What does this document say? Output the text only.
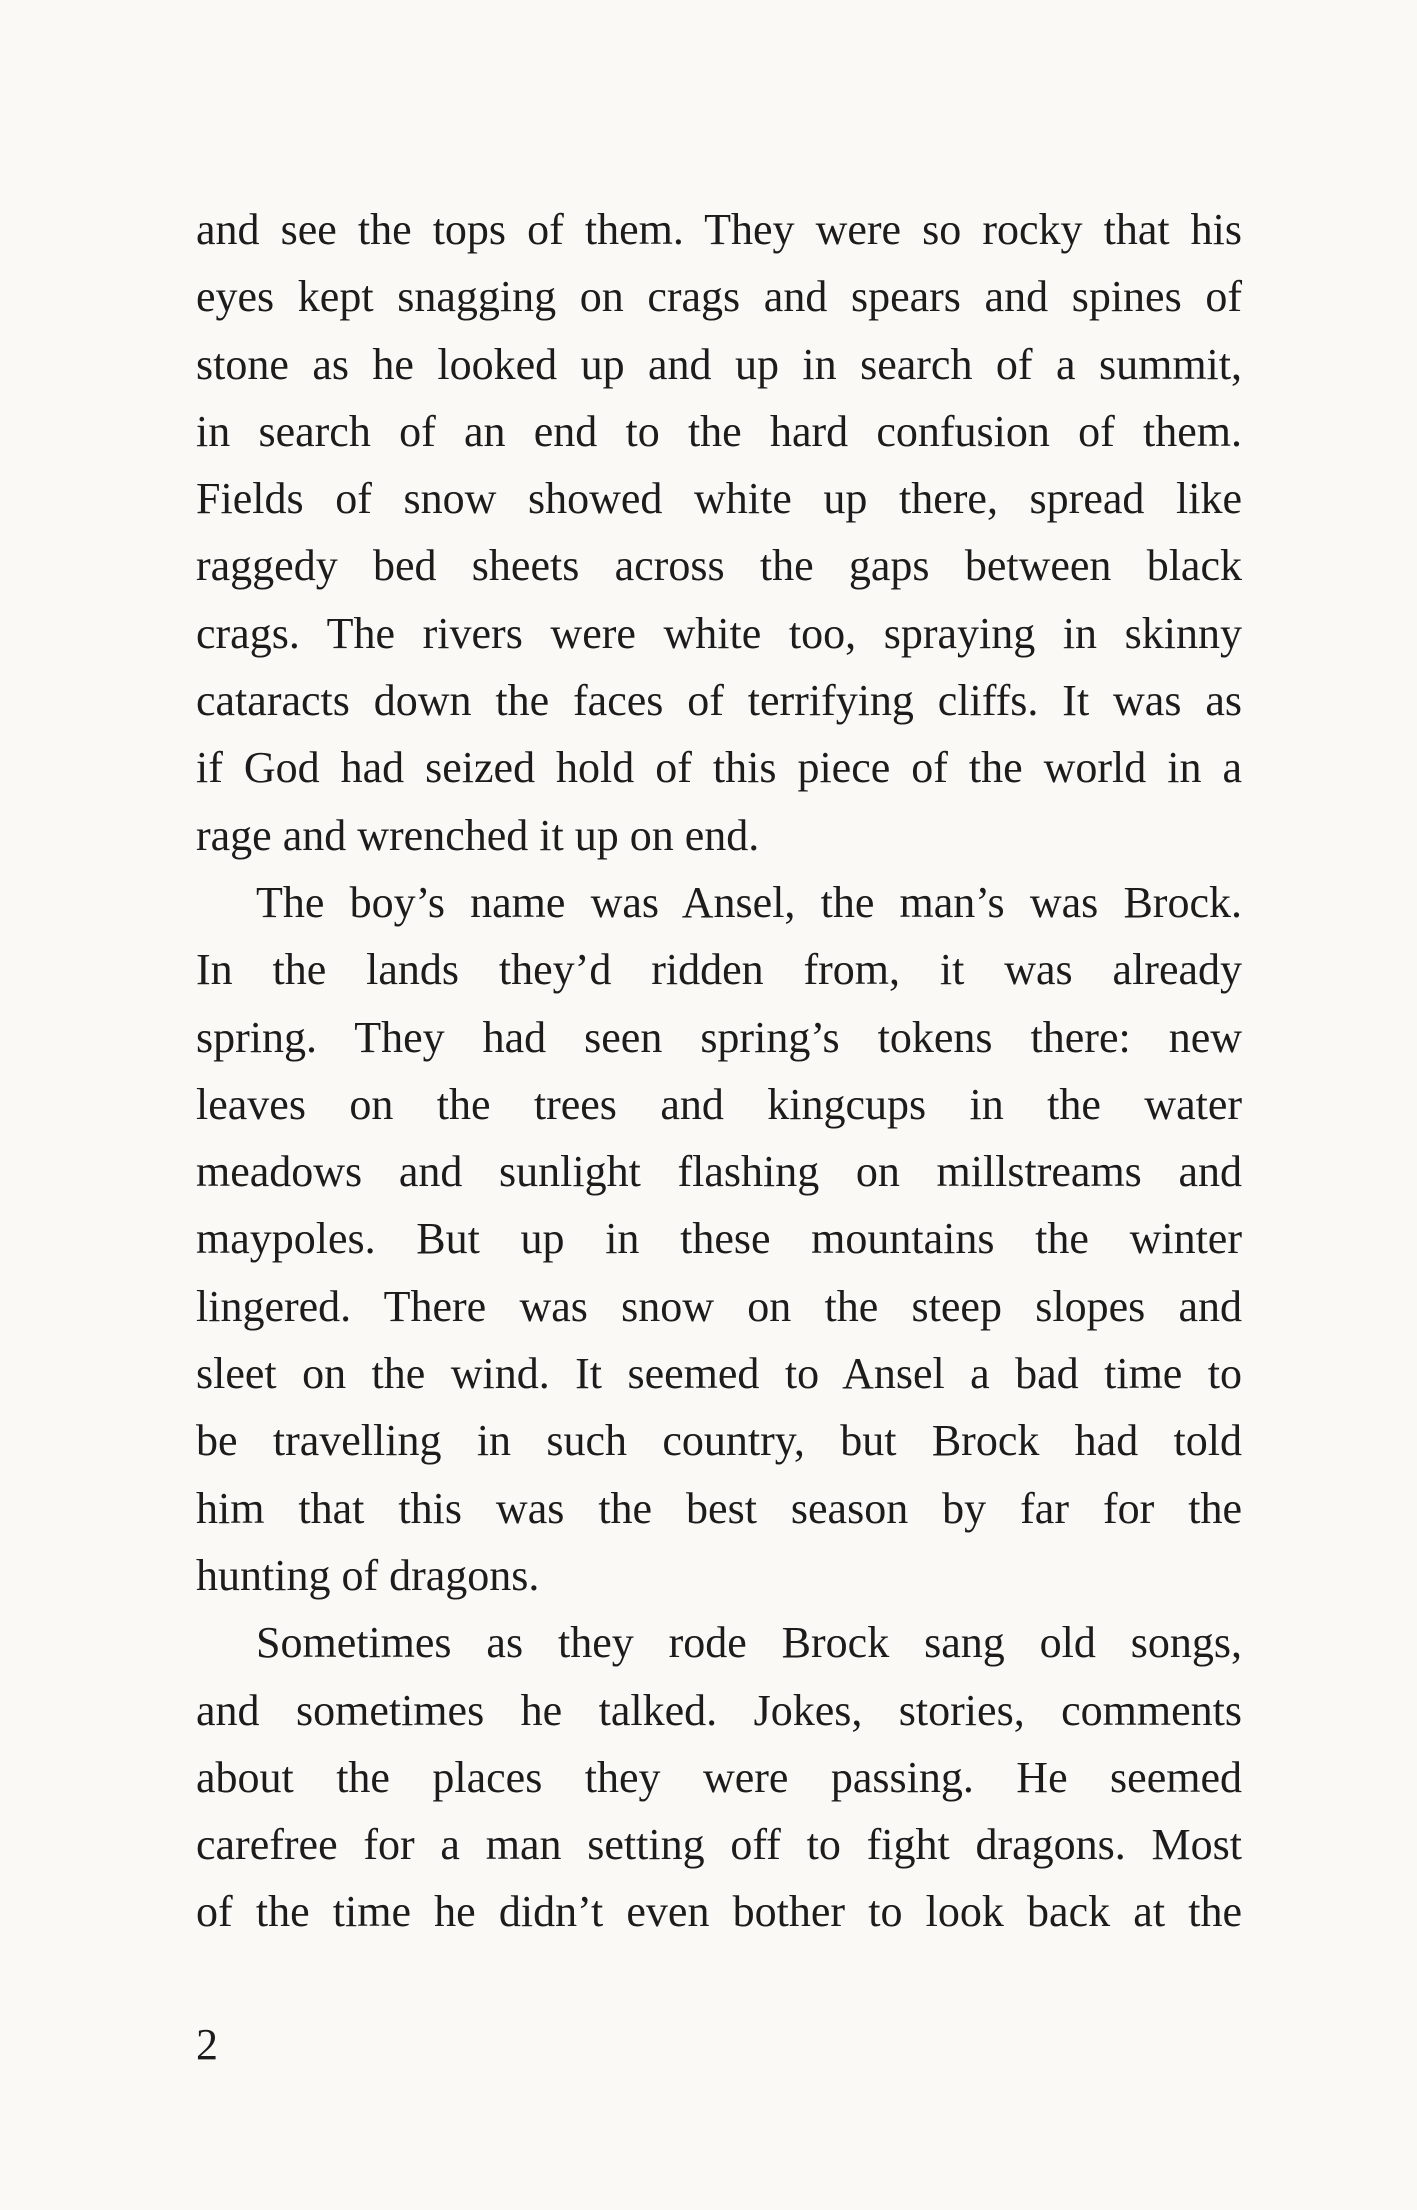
and see the tops of them. They were so rocky that his
eyes kept snagging on crags and spears and spines of
stone as he looked up and up in search of a summit,
in search of an end to the hard confusion of them.
Fields of snow showed white up there, spread like
raggedy bed sheets across the gaps between black
crags. The rivers were white too, spraying in skinny
cataracts down the faces of terrifying cliffs. It was as
if God had seized hold of this piece of the world in a
rage and wrenched it up on end.
The boy’s name was Ansel, the man’s was Brock.
In the lands they’d ridden from, it was already
spring. They had seen spring’s tokens there: new
leaves on the trees and kingcups in the water
meadows and sunlight flashing on millstreams and
maypoles. But up in these mountains the winter
lingered. There was snow on the steep slopes and
sleet on the wind. It seemed to Ansel a bad time to
be travelling in such country, but Brock had told
him that this was the best season by far for the
hunting of dragons.
Sometimes as they rode Brock sang old songs,
and sometimes he talked. Jokes, stories, comments
about the places they were passing. He seemed
carefree for a man setting off to fight dragons. Most
of the time he didn’t even bother to look back at the
2
